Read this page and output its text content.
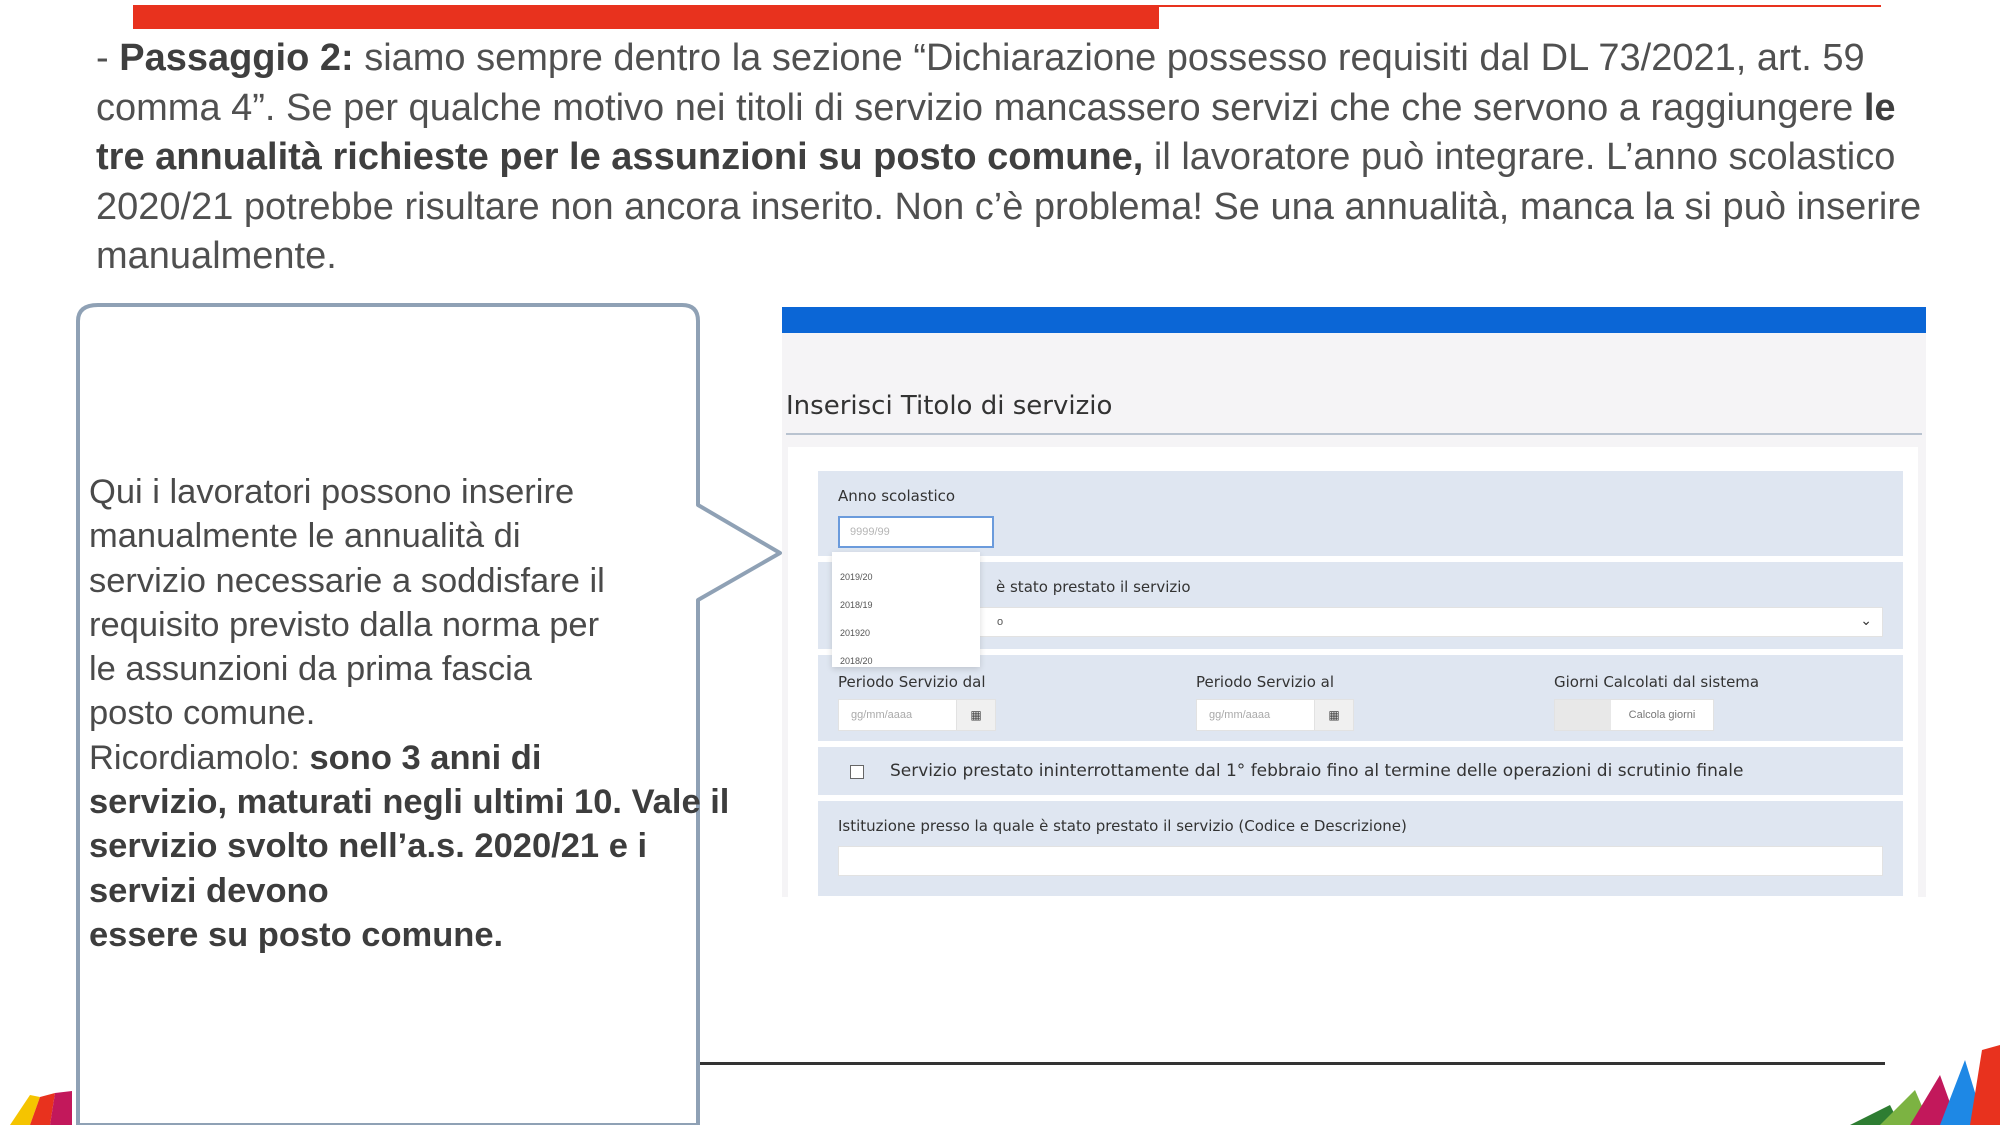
- Passaggio 2: siamo sempre dentro la sezione “Dichiarazione possesso requisiti dal DL 73/2021, art. 59 comma 4”. Se per qualche motivo nei titoli di servizio mancassero servizi che che servono a raggiungere le tre annualità richieste per le assunzioni su posto comune, il lavoratore può integrare. L’anno scolastico 2020/21 potrebbe risultare non ancora inserito. Non c’è problema! Se una annualità, manca la si può inserire manualmente.
Qui i lavoratori possono inserire
manualmente le annualità di
servizio necessarie a soddisfare il
requisito previsto dalla norma per
le assunzioni da prima fascia
posto comune.
Ricordiamolo: sono 3 anni di
servizio, maturati negli ultimi 10. Vale il
servizio svolto nell’a.s. 2020/21 e i
servizi devono
essere su posto comune.
Inserisci Titolo di servizio
Anno scolastico
9999/99
è stato prestato il servizio
o	⌄
Periodo Servizio dal
gg/mm/aaaa	▦
Periodo Servizio al
gg/mm/aaaa	▦
Giorni Calcolati dal sistema
Calcola giorni
Servizio prestato ininterrottamente dal 1° febbraio fino al termine delle operazioni di scrutinio finale
Istituzione presso la quale è stato prestato il servizio (Codice e Descrizione)
2019/20
2018/19
201920
2018/20
